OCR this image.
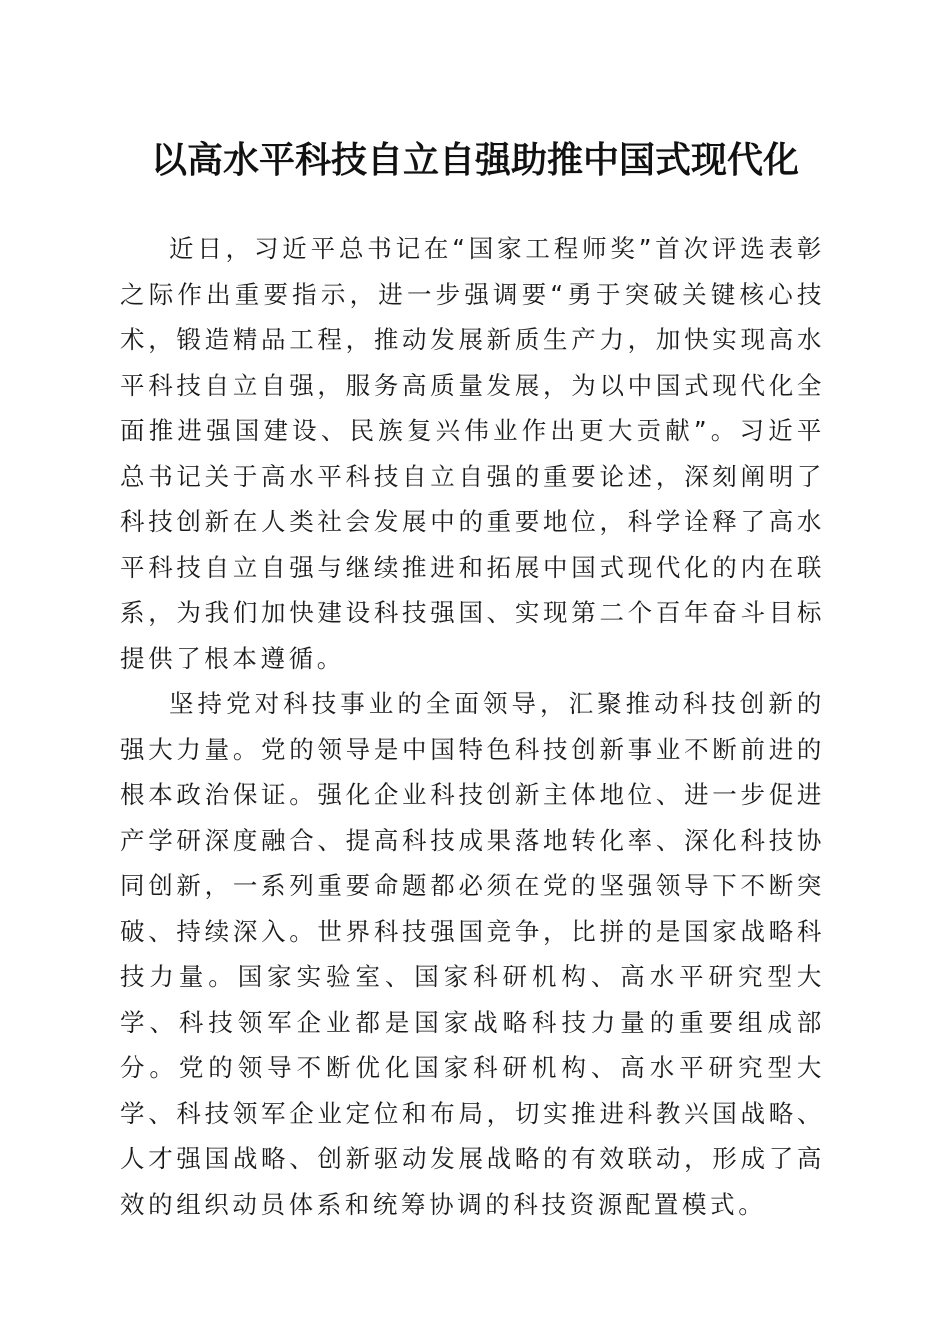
以高水平科技自立自强助推中国式现代化

近日，习近平总书记在“国家工程师奖”首次评选表彰之际作出重要指示，进一步强调要“勇于突破关键核心技术，锻造精品工程，推动发展新质生产力，加快实现高水平科技自立自强，服务高质量发展，为以中国式现代化全面推进强国建设、民族复兴伟业作出更大贡献”。习近平总书记关于高水平科技自立自强的重要论述，深刻阐明了科技创新在人类社会发展中的重要地位，科学诠释了高水平科技自立自强与继续推进和拓展中国式现代化的内在联系，为我们加快建设科技强国、实现第二个百年奋斗目标提供了根本遵循。

坚持党对科技事业的全面领导，汇聚推动科技创新的强大力量。党的领导是中国特色科技创新事业不断前进的根本政治保证。强化企业科技创新主体地位、进一步促进产学研深度融合、提高科技成果落地转化率、深化科技协同创新，一系列重要命题都必须在党的坚强领导下不断突破、持续深入。世界科技强国竞争，比拼的是国家战略科技力量。国家实验室、国家科研机构、高水平研究型大学、科技领军企业都是国家战略科技力量的重要组成部分。党的领导不断优化国家科研机构、高水平研究型大学、科技领军企业定位和布局，切实推进科教兴国战略、人才强国战略、创新驱动发展战略的有效联动，形成了高效的组织动员体系和统筹协调的科技资源配置模式。
